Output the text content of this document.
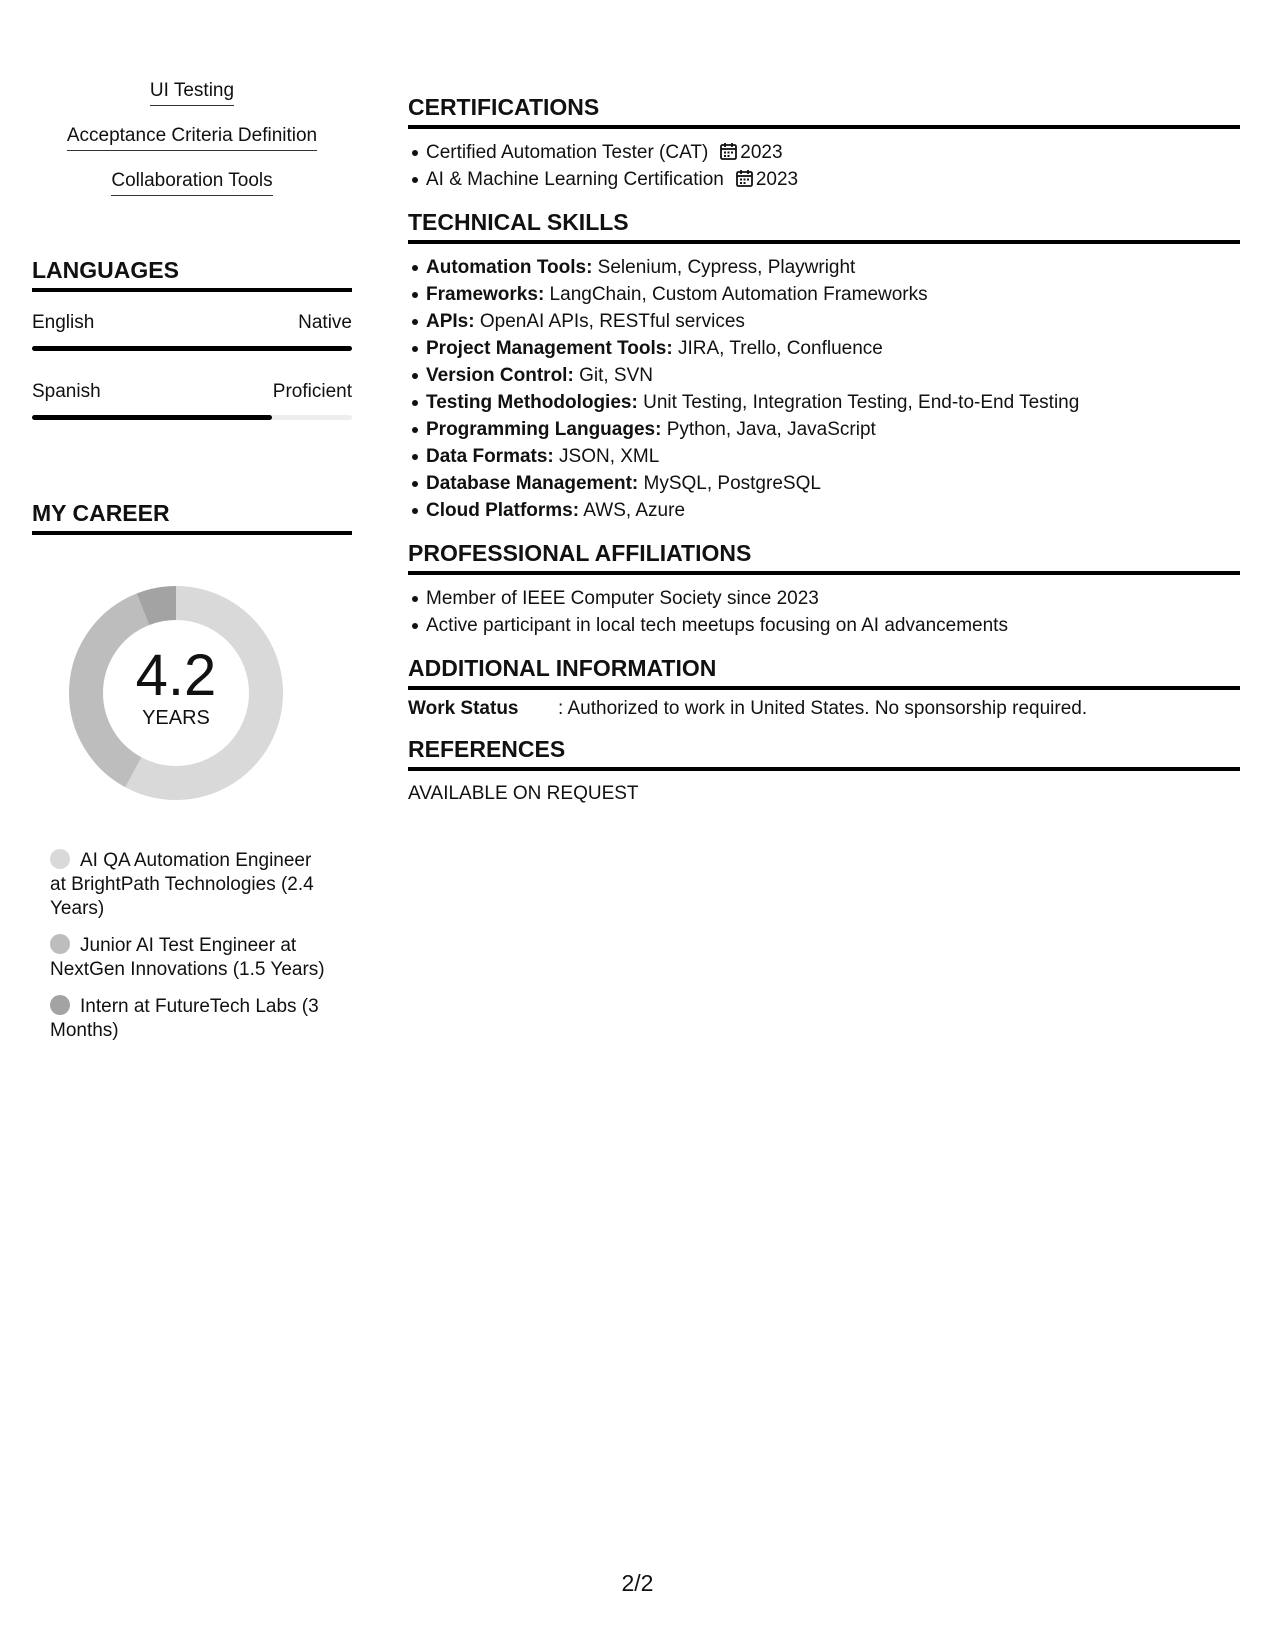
UI Testing
Acceptance Criteria Definition
Collaboration Tools
LANGUAGES
English	Native
Spanish	Proficient
MY CAREER
4.2
YEARS
AI QA Automation Engineer at BrightPath Technologies (2.4 Years)
Junior AI Test Engineer at NextGen Innovations (1.5 Years)
Intern at FutureTech Labs (3 Months)
CERTIFICATIONS
Certified Automation Tester (CAT) 2023
AI & Machine Learning Certification 2023
TECHNICAL SKILLS
Automation Tools: Selenium, Cypress, Playwright
Frameworks: LangChain, Custom Automation Frameworks
APIs: OpenAI APIs, RESTful services
Project Management Tools: JIRA, Trello, Confluence
Version Control: Git, SVN
Testing Methodologies: Unit Testing, Integration Testing, End-to-End Testing
Programming Languages: Python, Java, JavaScript
Data Formats: JSON, XML
Database Management: MySQL, PostgreSQL
Cloud Platforms: AWS, Azure
PROFESSIONAL AFFILIATIONS
Member of IEEE Computer Society since 2023
Active participant in local tech meetups focusing on AI advancements
ADDITIONAL INFORMATION
Work Status	: Authorized to work in United States. No sponsorship required.
REFERENCES
AVAILABLE ON REQUEST
2/2
